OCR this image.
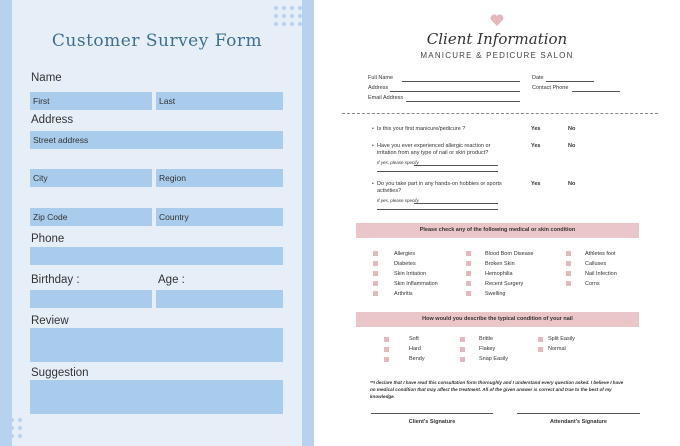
Customer Survey Form
Name
First	Last
Address
Street address
City	Region
Zip Code	Country
Phone
Birthday :	Age :
Review
Suggestion
Client Information
MANICURE & PEDICURE SALON
Full Name	Date
Address	Contact Phone
Email Address
• Is this your first manicure/pedicure ?	Yes	No
• Have you ever experienced allergic reaction or
irritation from any type of nail or skin product?
Yes	No
If yes, please specify
• Do you take part in any hands-on hobbies or sports
activities?
Yes	No
If yes, please specify
Please check any of the following medical or skin condition
Allergies
Diabetes
Skin Irritation
Skin Inflammation
Arthritis
Blood Born Disease
Broken Skin
Hemophilia
Recent Surgery
Swelling
Athletes foot
Calluses
Nail Infection
Corns
How would you describe the typical condition of your nail
Soft
Hard
Bendy
Brittle
Flakey
Snap Easily
Split Easily
Normal
**I declare that I have read this consultation form thoroughly and I understand every question asked. I believe I have no medical condition that may affect the treatment. All of the given answer is correct and true to the best of my knowledge.
Client's Signature	Attendant's Signature
